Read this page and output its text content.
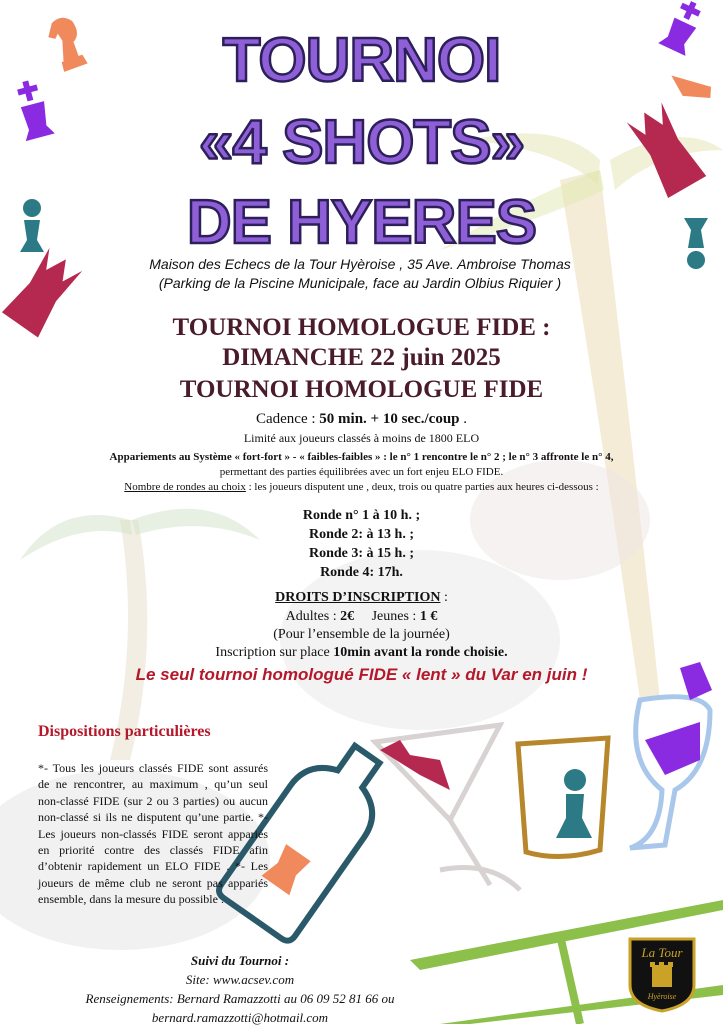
TOURNOI
«4 SHOTS»
DE HYERES
Maison des Echecs de la Tour Hyèroise , 35 Ave. Ambroise Thomas
(Parking de la Piscine Municipale, face au Jardin Olbius Riquier )
TOURNOI HOMOLOGUE FIDE :
DIMANCHE 22 juin 2025
TOURNOI HOMOLOGUE FIDE
Cadence : 50 min. + 10 sec./coup .
Limité aux joueurs classés à moins de 1800 ELO
Appariements au Système « fort-fort » - « faibles-faibles » : le n° 1 rencontre le n° 2 ; le n° 3 affronte le n° 4,
permettant des parties équilibrées avec un fort enjeu ELO FIDE.
Nombre de rondes au choix : les joueurs disputent une , deux, trois ou quatre parties aux heures ci-dessous :
Ronde n° 1 à 10 h. ;
Ronde 2: à 13 h. ;
Ronde 3: à 15 h. ;
Ronde 4: 17h.
DROITS D’INSCRIPTION :
Adultes : 2€ Jeunes : 1 €
(Pour l’ensemble de la journée)
Inscription sur place 10min avant la ronde choisie.
Le seul tournoi homologué FIDE « lent » du Var en juin !
Dispositions particulières
*- Tous les joueurs classés FIDE sont assurés de ne rencontrer, au maximum , qu’un seul non-classé FIDE (sur 2 ou 3 parties) ou aucun non-classé si ils ne disputent qu’une partie. *- Les joueurs non-classés FIDE seront appariés en priorité contre des classés FIDE afin d’obtenir rapidement un ELO FIDE . *- Les joueurs de même club ne seront pas appariés ensemble, dans la mesure du possible .
Suivi du Tournoi :
Site: www.acsev.com
Renseignements: Bernard Ramazzotti au 06 09 52 81 66 ou
bernard.ramazzotti@hotmail.com
La Tour
Hyèroise
